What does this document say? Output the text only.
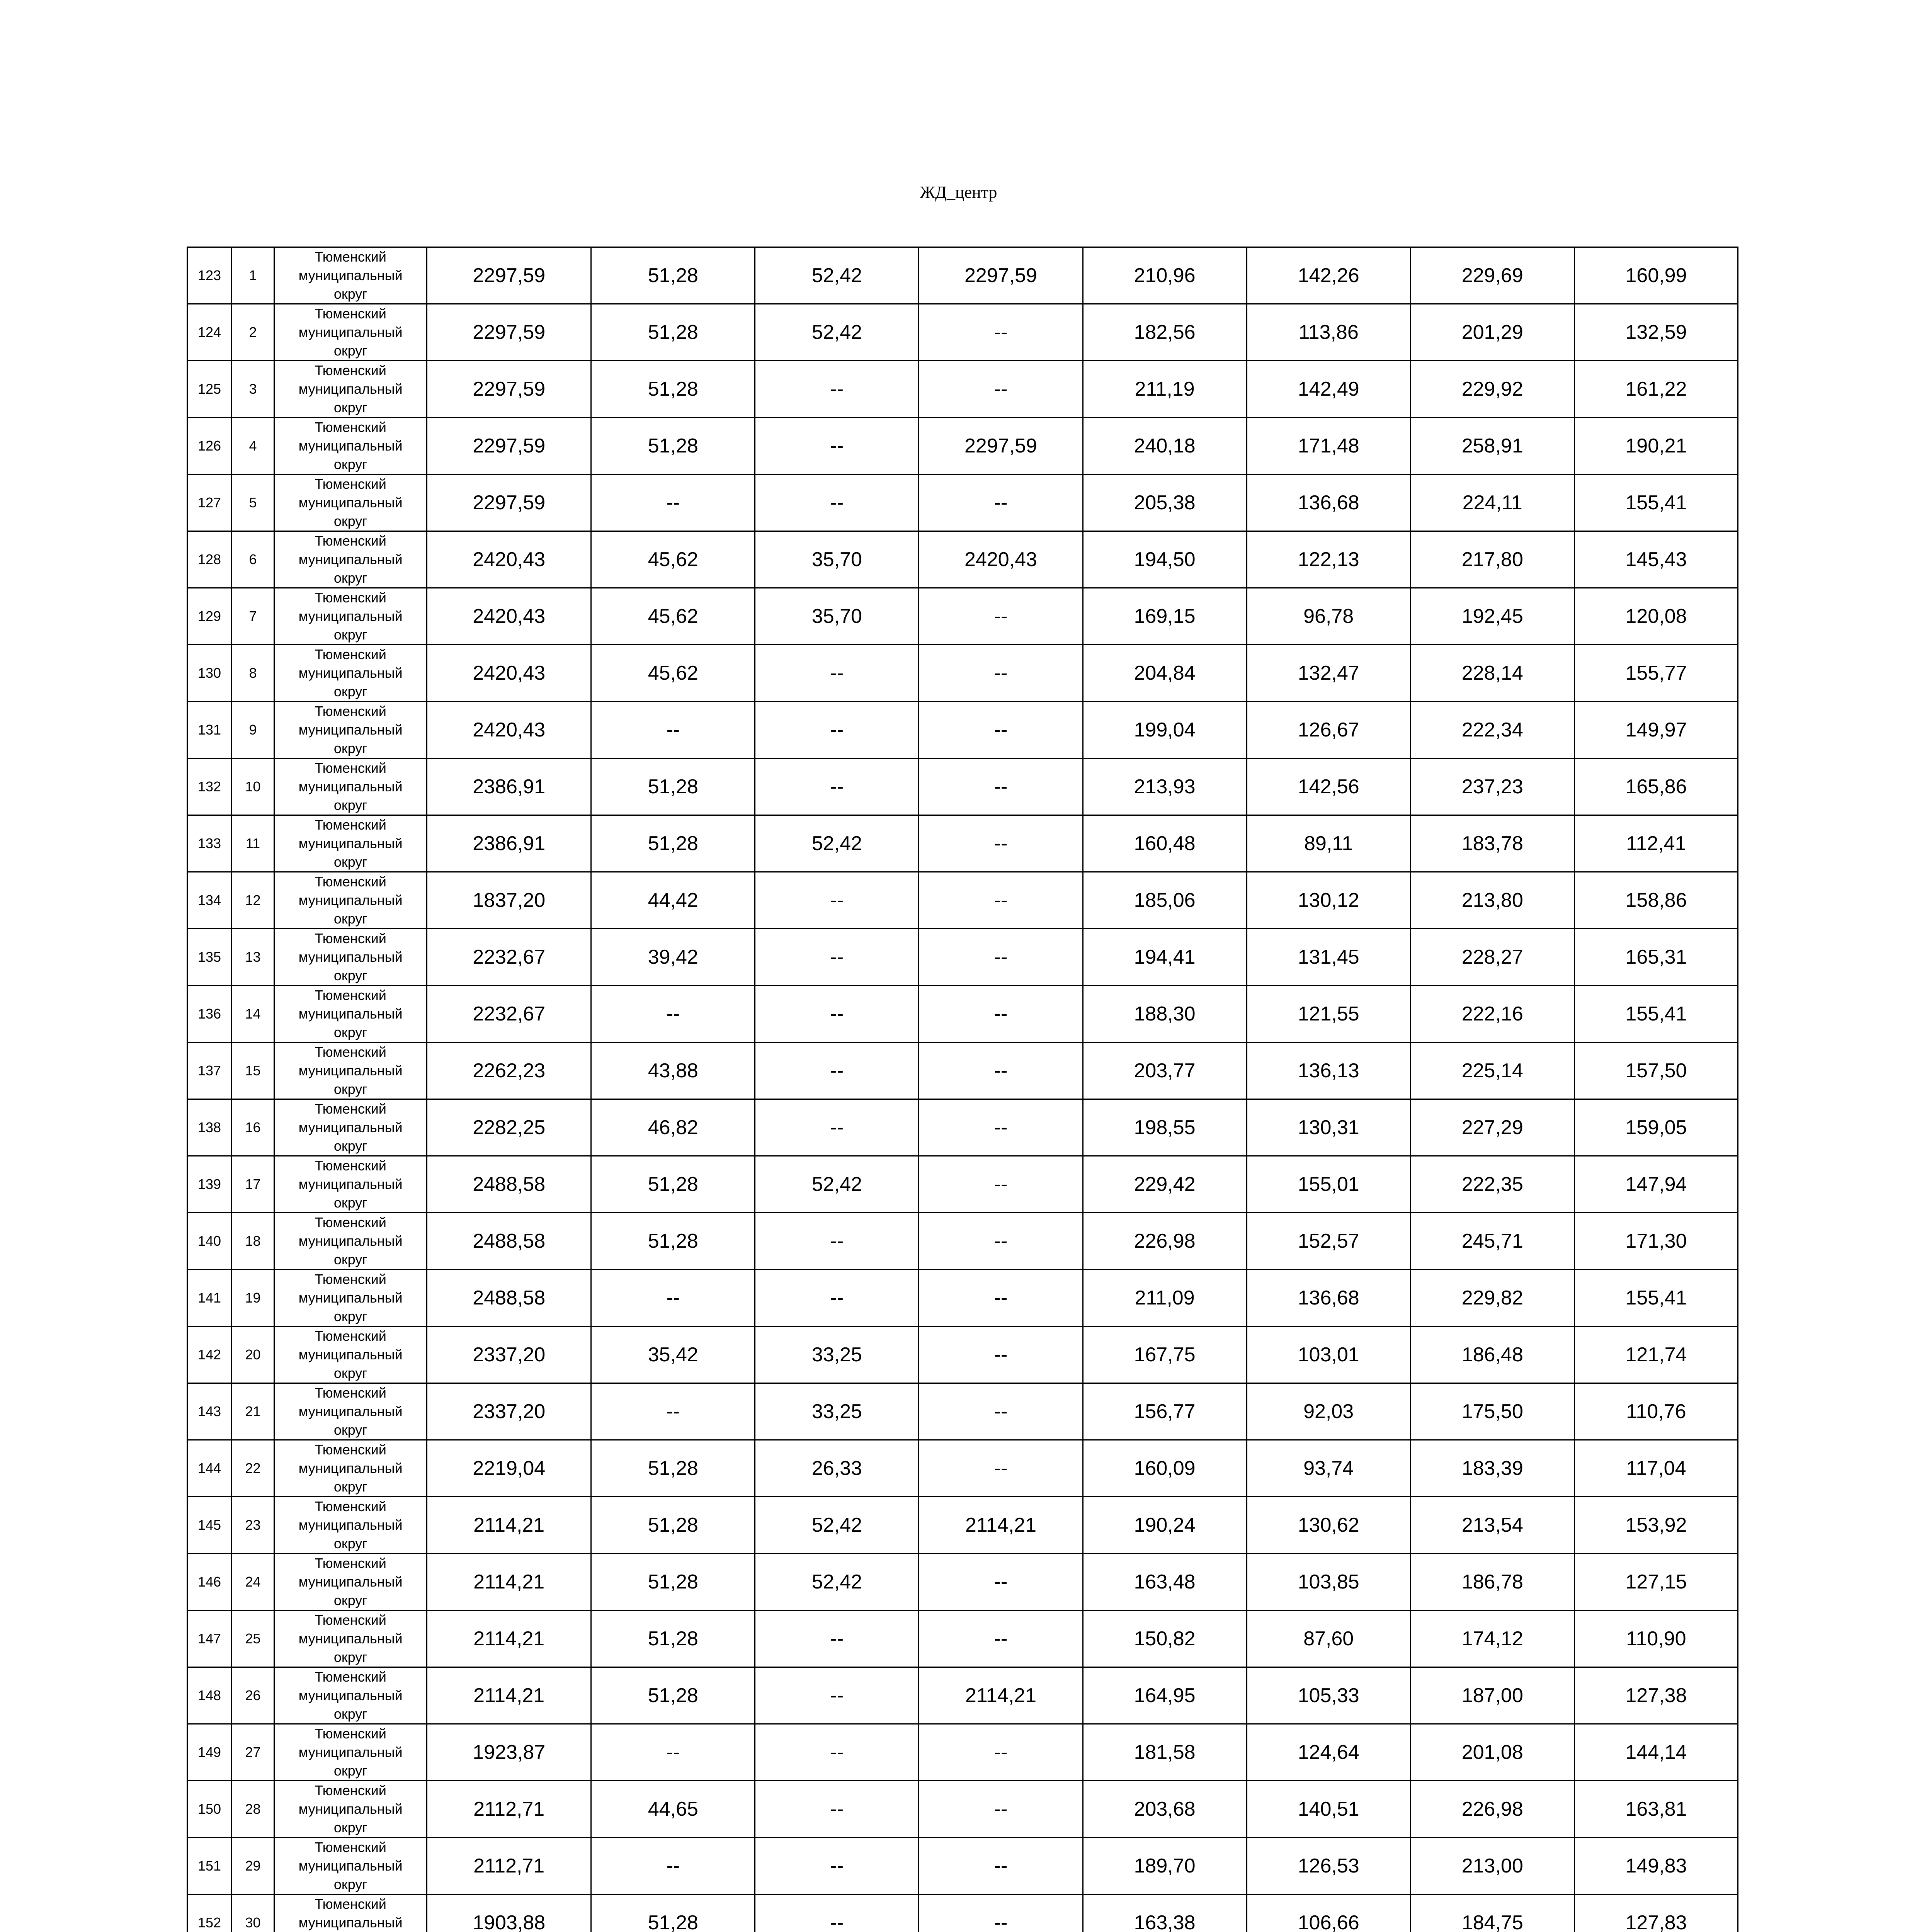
ЖД_центр
123	1	Тюменский
муниципальный
округ	2297,59	51,28	52,42	2297,59	210,96	142,26	229,69	160,99
124	2	Тюменский
муниципальный
округ	2297,59	51,28	52,42	--	182,56	113,86	201,29	132,59
125	3	Тюменский
муниципальный
округ	2297,59	51,28	--	--	211,19	142,49	229,92	161,22
126	4	Тюменский
муниципальный
округ	2297,59	51,28	--	2297,59	240,18	171,48	258,91	190,21
127	5	Тюменский
муниципальный
округ	2297,59	--	--	--	205,38	136,68	224,11	155,41
128	6	Тюменский
муниципальный
округ	2420,43	45,62	35,70	2420,43	194,50	122,13	217,80	145,43
129	7	Тюменский
муниципальный
округ	2420,43	45,62	35,70	--	169,15	96,78	192,45	120,08
130	8	Тюменский
муниципальный
округ	2420,43	45,62	--	--	204,84	132,47	228,14	155,77
131	9	Тюменский
муниципальный
округ	2420,43	--	--	--	199,04	126,67	222,34	149,97
132	10	Тюменский
муниципальный
округ	2386,91	51,28	--	--	213,93	142,56	237,23	165,86
133	11	Тюменский
муниципальный
округ	2386,91	51,28	52,42	--	160,48	89,11	183,78	112,41
134	12	Тюменский
муниципальный
округ	1837,20	44,42	--	--	185,06	130,12	213,80	158,86
135	13	Тюменский
муниципальный
округ	2232,67	39,42	--	--	194,41	131,45	228,27	165,31
136	14	Тюменский
муниципальный
округ	2232,67	--	--	--	188,30	121,55	222,16	155,41
137	15	Тюменский
муниципальный
округ	2262,23	43,88	--	--	203,77	136,13	225,14	157,50
138	16	Тюменский
муниципальный
округ	2282,25	46,82	--	--	198,55	130,31	227,29	159,05
139	17	Тюменский
муниципальный
округ	2488,58	51,28	52,42	--	229,42	155,01	222,35	147,94
140	18	Тюменский
муниципальный
округ	2488,58	51,28	--	--	226,98	152,57	245,71	171,30
141	19	Тюменский
муниципальный
округ	2488,58	--	--	--	211,09	136,68	229,82	155,41
142	20	Тюменский
муниципальный
округ	2337,20	35,42	33,25	--	167,75	103,01	186,48	121,74
143	21	Тюменский
муниципальный
округ	2337,20	--	33,25	--	156,77	92,03	175,50	110,76
144	22	Тюменский
муниципальный
округ	2219,04	51,28	26,33	--	160,09	93,74	183,39	117,04
145	23	Тюменский
муниципальный
округ	2114,21	51,28	52,42	2114,21	190,24	130,62	213,54	153,92
146	24	Тюменский
муниципальный
округ	2114,21	51,28	52,42	--	163,48	103,85	186,78	127,15
147	25	Тюменский
муниципальный
округ	2114,21	51,28	--	--	150,82	87,60	174,12	110,90
148	26	Тюменский
муниципальный
округ	2114,21	51,28	--	2114,21	164,95	105,33	187,00	127,38
149	27	Тюменский
муниципальный
округ	1923,87	--	--	--	181,58	124,64	201,08	144,14
150	28	Тюменский
муниципальный
округ	2112,71	44,65	--	--	203,68	140,51	226,98	163,81
151	29	Тюменский
муниципальный
округ	2112,71	--	--	--	189,70	126,53	213,00	149,83
152	30	Тюменский
муниципальный	1903,88	51,28	--	--	163,38	106,66	184,75	127,83
